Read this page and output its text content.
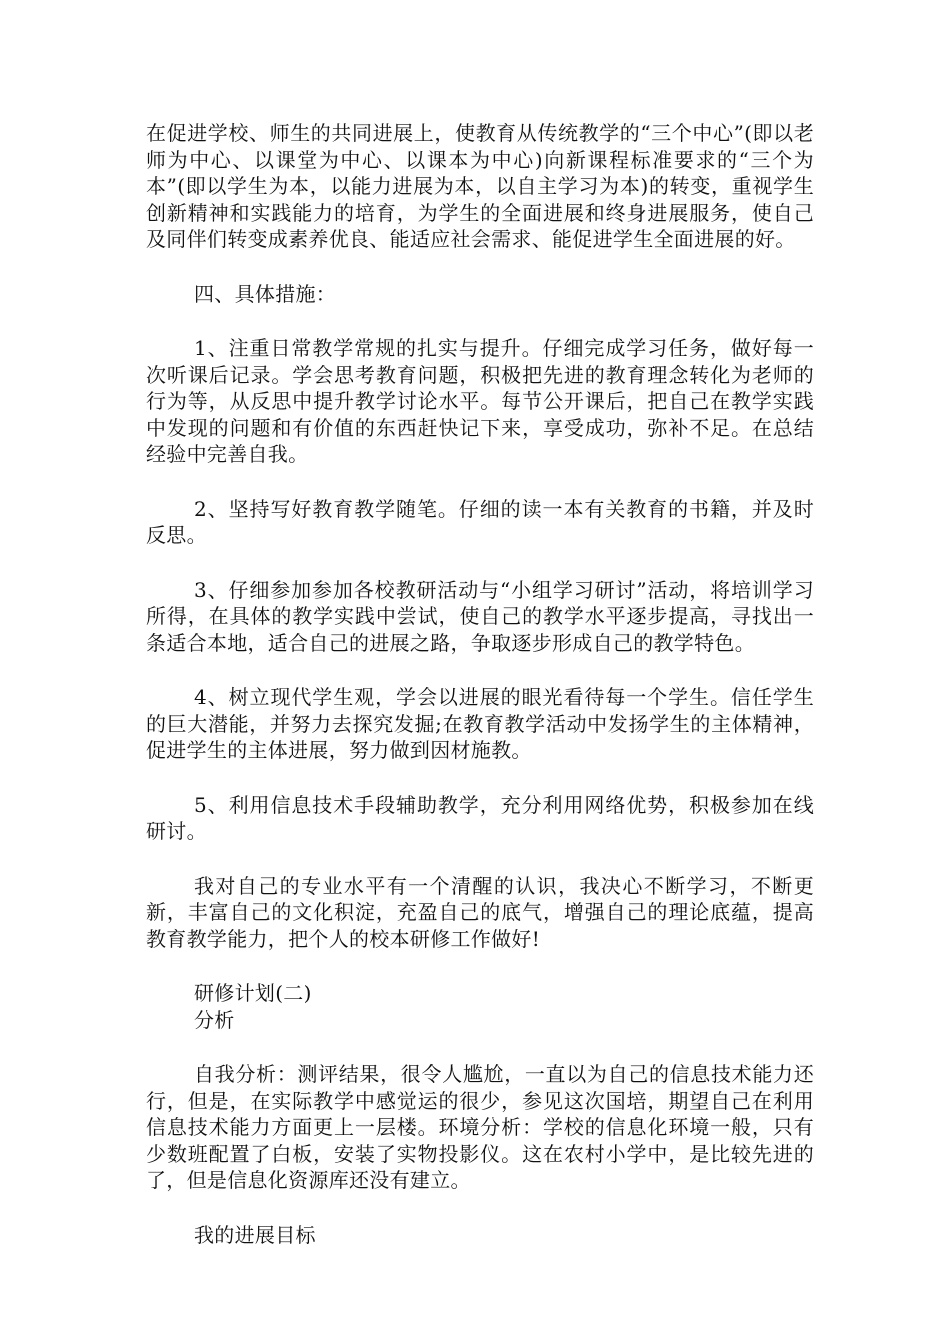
在促进学校、师生的共同进展上，使教育从传统教学的“三个中心”(即以老师为中心、以课堂为中心、以课本为中心)向新课程标准要求的“三个为本”(即以学生为本，以能力进展为本，以自主学习为本)的转变，重视学生创新精神和实践能力的培育，为学生的全面进展和终身进展服务，使自己及同伴们转变成素养优良、能适应社会需求、能促进学生全面进展的好。

四、具体措施：

1、注重日常教学常规的扎实与提升。仔细完成学习任务，做好每一次听课后记录。学会思考教育问题，积极把先进的教育理念转化为老师的行为等，从反思中提升教学讨论水平。每节公开课后，把自己在教学实践中发现的问题和有价值的东西赶快记下来，享受成功，弥补不足。在总结经验中完善自我。

2、坚持写好教育教学随笔。仔细的读一本有关教育的书籍，并及时反思。

3、仔细参加参加各校教研活动与“小组学习研讨”活动，将培训学习所得，在具体的教学实践中尝试，使自己的教学水平逐步提高，寻找出一条适合本地，适合自己的进展之路，争取逐步形成自己的教学特色。

4、树立现代学生观，学会以进展的眼光看待每一个学生。信任学生的巨大潜能，并努力去探究发掘;在教育教学活动中发扬学生的主体精神，促进学生的主体进展，努力做到因材施教。

5、利用信息技术手段辅助教学，充分利用网络优势，积极参加在线研讨。

我对自己的专业水平有一个清醒的认识，我决心不断学习，不断更新，丰富自己的文化积淀，充盈自己的底气，增强自己的理论底蕴，提高教育教学能力，把个人的校本研修工作做好!

研修计划(二)

分析

自我分析：测评结果，很令人尴尬，一直以为自己的信息技术能力还行，但是，在实际教学中感觉运的很少，参见这次国培，期望自己在利用信息技术能力方面更上一层楼。环境分析：学校的信息化环境一般，只有少数班配置了白板，安装了实物投影仪。这在农村小学中，是比较先进的了，但是信息化资源库还没有建立。

我的进展目标
